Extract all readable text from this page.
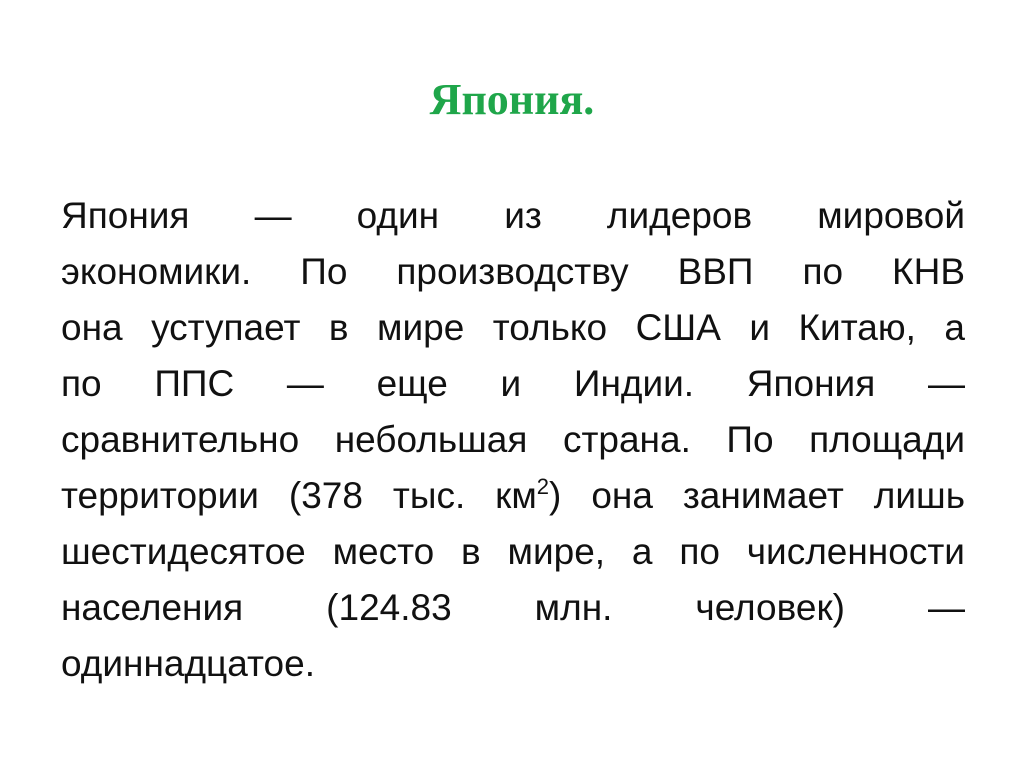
Япония.
Япония — один из лидеров мировой
экономики. По производству ВВП по КНВ
она уступает в мире только США и Китаю, а
по ППС — еще и Индии. Япония —
сравнительно небольшая страна. По площади
территории (378 тыс. $км^2$) она занимает лишь
шестидесятое место в мире, а по численности
населения (124.83 млн. человек) —
одиннадцатое.
